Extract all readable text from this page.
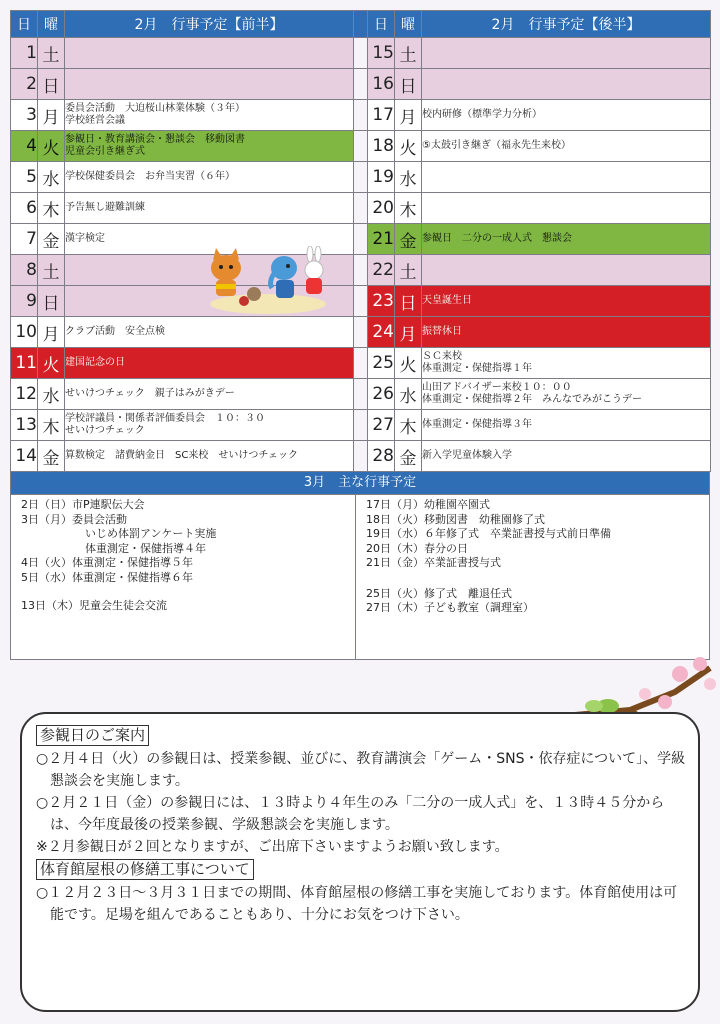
日	曜	2月　行事予定【前半】		日	曜	2月　行事予定【後半】
1	土			15	土	
2	日			16	日	
3	月	委員会活動　大迫桜山林業体験（３年）
学校経営会議		17	月	校内研修（標準学力分析）

4	火	参観日・教育講演会・懇談会　移動図書
児童会引き継ぎ式		18	火	⑤太鼓引き継ぎ（福永先生来校）

5	水	学校保健委員会　お弁当実習（６年）		19	水	
6	木	予告無し避難訓練		20	木	
7	金	漢字検定		21	金	参観日　二分の一成人式　懇談会

8	土			22	土	
9	日			23	日	天皇誕生日

10	月	クラブ活動　安全点検		24	月	振替休日

11	火	建国記念の日		25	火	ＳＣ来校
体重測定・保健指導１年

12	水	せいけつチェック　親子はみがきデー		26	水	山田アドバイザー来校１０：００
体重測定・保健指導２年　みんなでみがこうデー

13	木	学校評議員・関係者評価委員会　１０：３０
せいけつチェック		27	木	体重測定・保健指導３年

14	金	算数検定　諸費納金日　SC来校　せいけつチェック		28	金	新入学児童体験入学
3月　主な行事予定
2日（日）市P連駅伝大会
3日（月）委員会活動
いじめ体罰アンケート実施
体重測定・保健指導４年
4日（火）体重測定・保健指導５年
5日（水）体重測定・保健指導６年
13日（木）児童会生徒会交流
17日（月）幼稚園卒園式
18日（火）移動図書　幼稚園修了式
19日（水）６年修了式　卒業証書授与式前日準備
20日（木）春分の日
21日（金）卒業証書授与式
25日（火）修了式　離退任式
27日（木）子ども教室（調理室）
参観日のご案内
○２月４日（火）の参観日は、授業参観、並びに、教育講演会「ゲーム・SNS・依存症について」、学級懇談会を実施します。
○２月２１日（金）の参観日には、１３時より４年生のみ「二分の一成人式」を、１３時４５分からは、今年度最後の授業参観、学級懇談会を実施します。
※２月参観日が２回となりますが、ご出席下さいますようお願い致します。
体育館屋根の修繕工事について
○１２月２３日～３月３１日までの期間、体育館屋根の修繕工事を実施しております。体育館使用は可能です。足場を組んであることもあり、十分にお気をつけ下さい。
